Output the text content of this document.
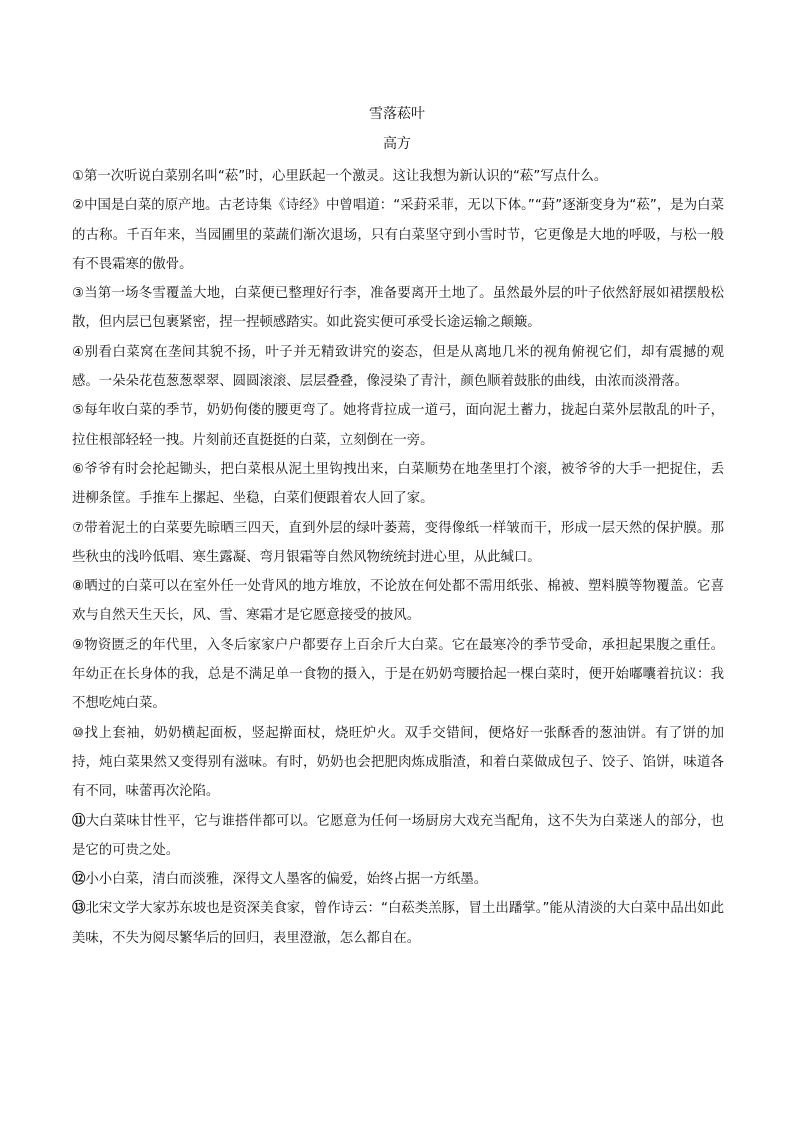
雪落菘叶
高方

①第一次听说白菜别名叫“菘”时，心里跃起一个激灵。这让我想为新认识的“菘”写点什么。

②中国是白菜的原产地。古老诗集《诗经》中曾唱道：“采葑采菲，无以下体。”“葑”逐渐变身为“菘”，是为白菜的古称。千百年来，当园圃里的菜蔬们渐次退场，只有白菜坚守到小雪时节，它更像是大地的呼吸，与松一般有不畏霜寒的傲骨。

③当第一场冬雪覆盖大地，白菜便已整理好行李，准备要离开土地了。虽然最外层的叶子依然舒展如裙摆般松散，但内层已包裹紧密，捏一捏顿感踏实。如此瓷实便可承受长途运输之颠簸。

④别看白菜窝在垄间其貌不扬，叶子并无精致讲究的姿态，但是从离地几米的视角俯视它们，却有震撼的观感。一朵朵花苞葱葱翠翠、圆圆滚滚、层层叠叠，像浸染了青汁，颜色顺着鼓胀的曲线，由浓而淡滑落。

⑤每年收白菜的季节，奶奶佝偻的腰更弯了。她将背拉成一道弓，面向泥土蓄力，拢起白菜外层散乱的叶子，拉住根部轻轻一拽。片刻前还直挺挺的白菜，立刻倒在一旁。

⑥爷爷有时会抡起锄头，把白菜根从泥土里钩拽出来，白菜顺势在地垄里打个滚，被爷爷的大手一把捉住，丢进柳条筐。手推车上摞起、坐稳，白菜们便跟着农人回了家。

⑦带着泥土的白菜要先晾晒三四天，直到外层的绿叶萎蔫，变得像纸一样皱而干，形成一层天然的保护膜。那些秋虫的浅吟低唱、寒生露凝、弯月银霜等自然风物统统封进心里，从此缄口。

⑧晒过的白菜可以在室外任一处背风的地方堆放，不论放在何处都不需用纸张、棉被、塑料膜等物覆盖。它喜欢与自然天生天长，风、雪、寒霜才是它愿意接受的披风。

⑨物资匮乏的年代里，入冬后家家户户都要存上百余斤大白菜。它在最寒冷的季节受命，承担起果腹之重任。年幼正在长身体的我，总是不满足单一食物的摄入，于是在奶奶弯腰拾起一棵白菜时，便开始嘟囔着抗议：我不想吃炖白菜。

⑩找上套袖，奶奶横起面板，竖起擀面杖，烧旺炉火。双手交错间，便烙好一张酥香的葱油饼。有了饼的加持，炖白菜果然又变得别有滋味。有时，奶奶也会把肥肉炼成脂渣，和着白菜做成包子、饺子、馅饼，味道各有不同，味蕾再次沦陷。

⑪大白菜味甘性平，它与谁搭伴都可以。它愿意为任何一场厨房大戏充当配角，这不失为白菜迷人的部分，也是它的可贵之处。

⑫小小白菜，清白而淡雅，深得文人墨客的偏爱，始终占据一方纸墨。

⑬北宋文学大家苏东坡也是资深美食家，曾作诗云：“白菘类羔豚，冒土出蹯掌。”能从清淡的大白菜中品出如此美味，不失为阅尽繁华后的回归，表里澄澈，怎么都自在。
